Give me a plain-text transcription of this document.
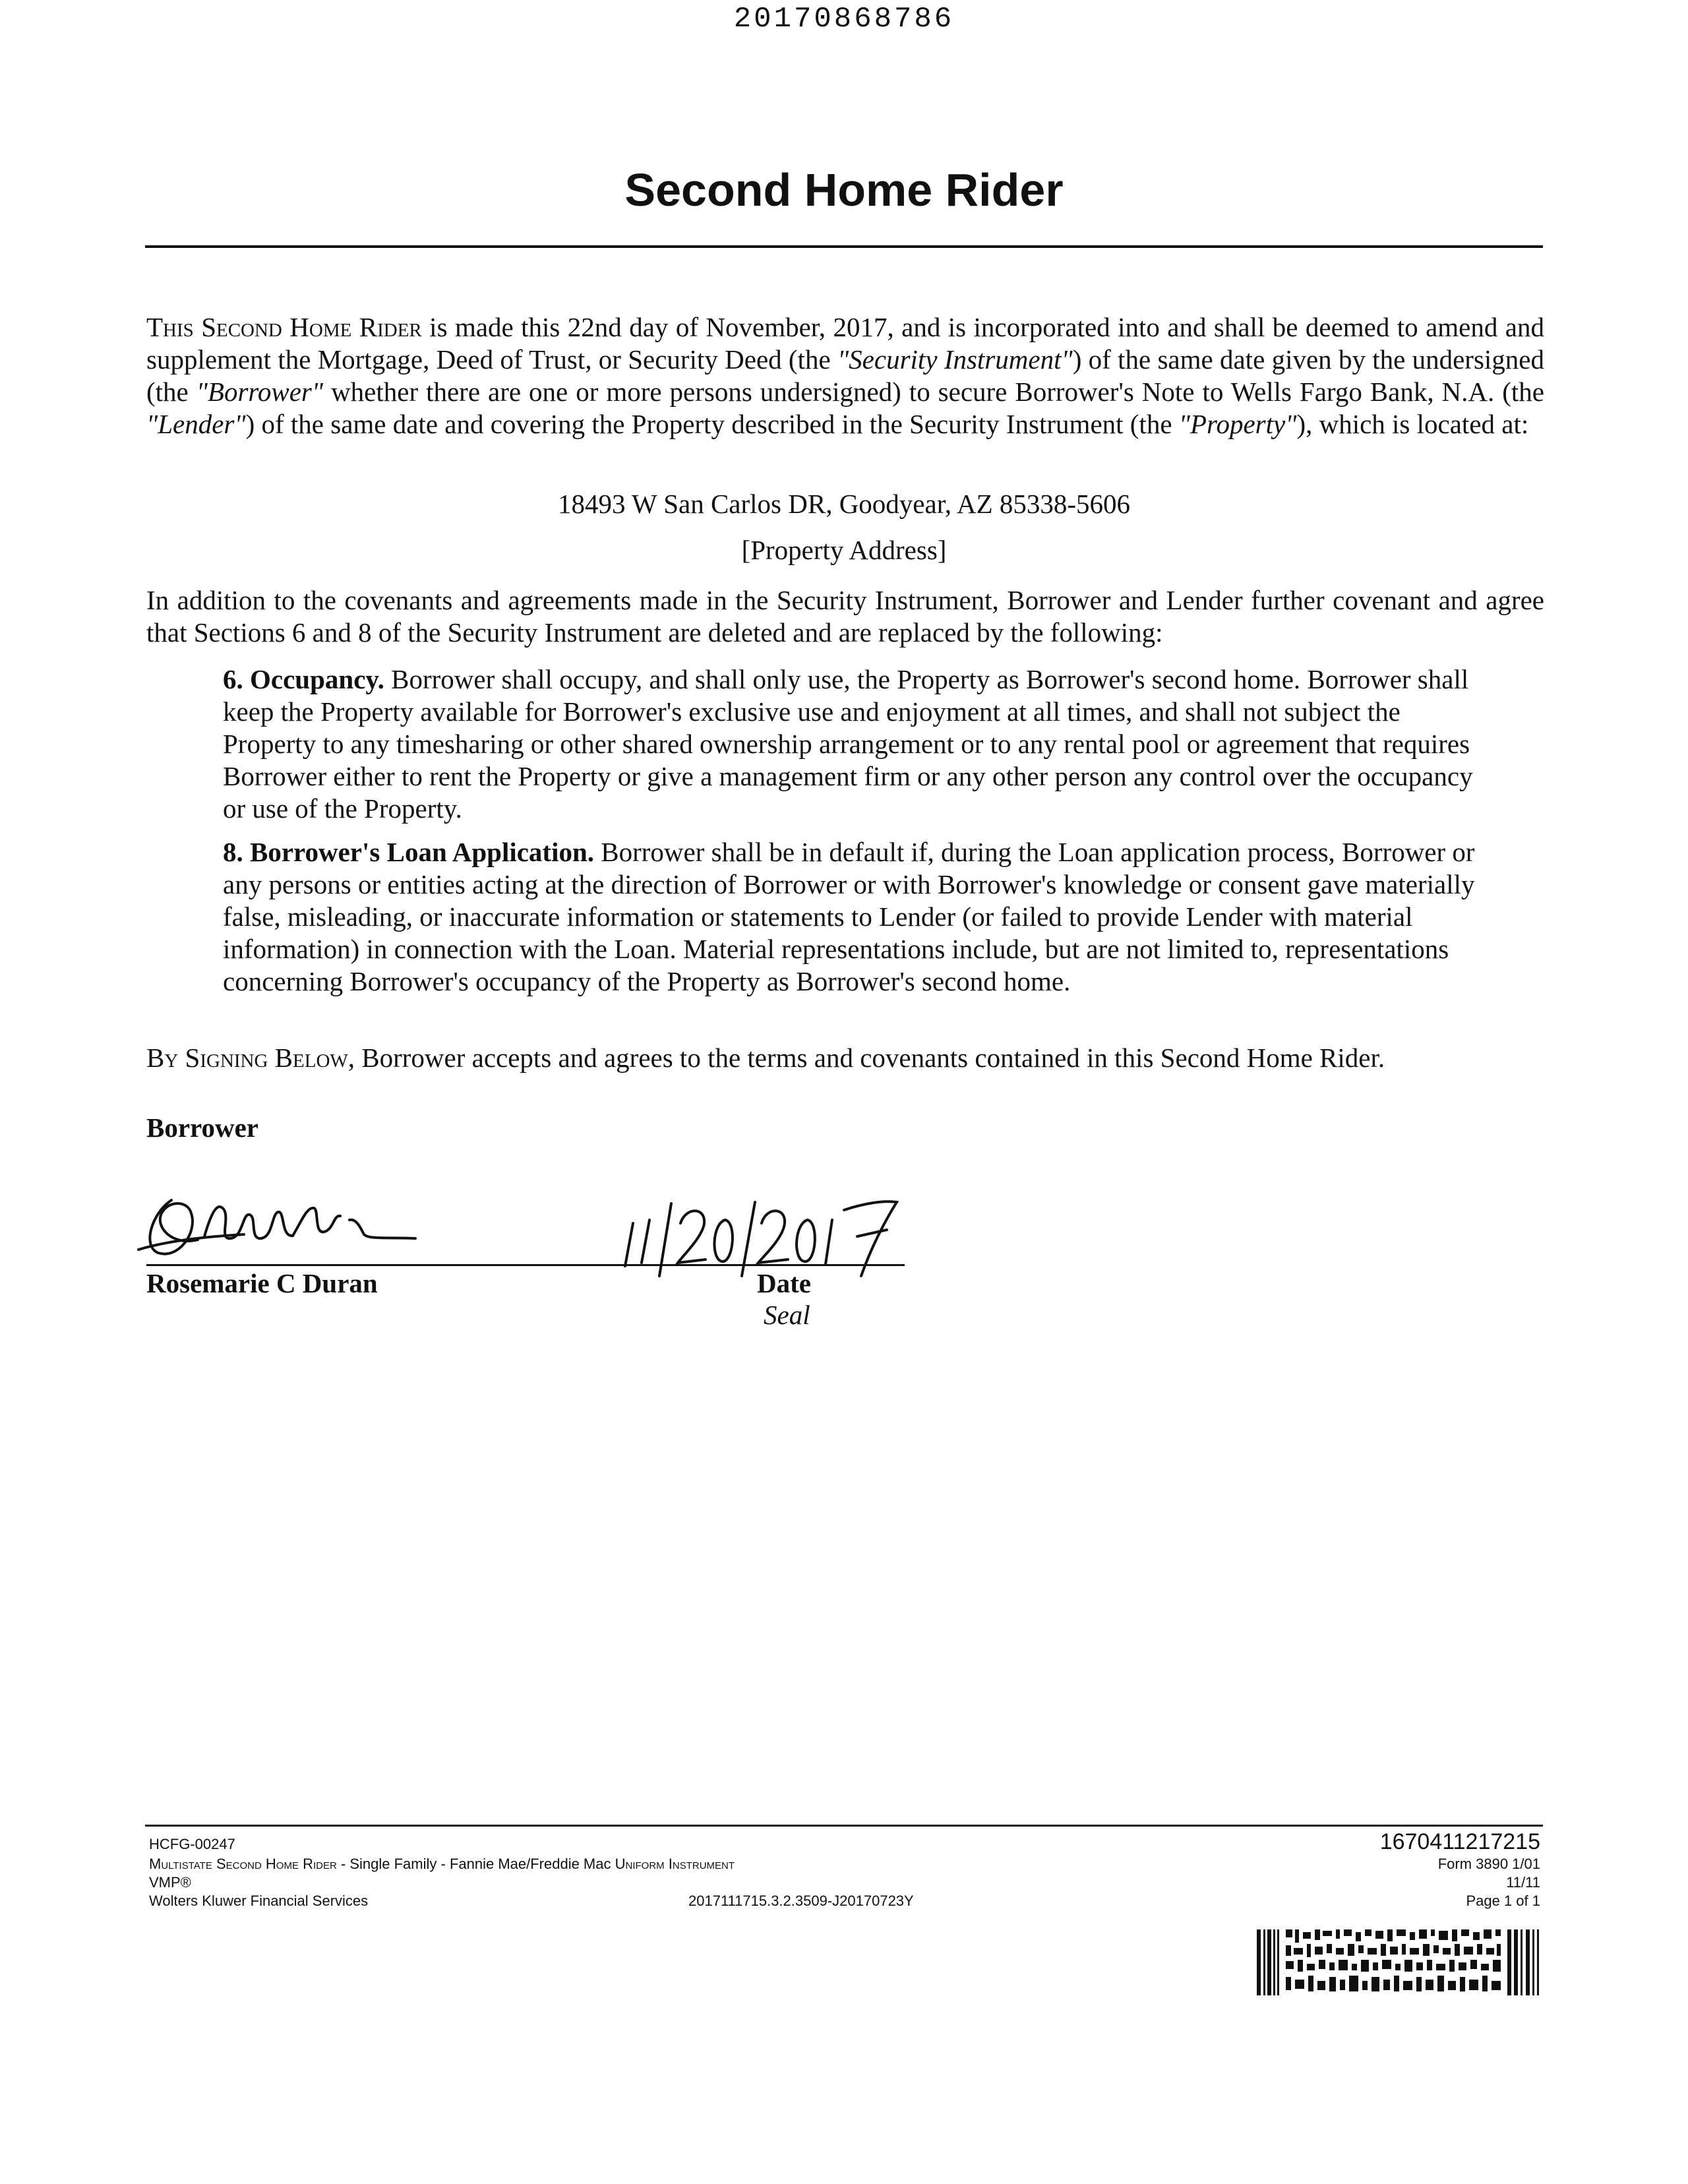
20170868786
Second Home Rider
This Second Home Rider is made this 22nd day of November, 2017, and is incorporated into and shall be deemed to amend and supplement the Mortgage, Deed of Trust, or Security Deed (the "Security Instrument") of the same date given by the undersigned (the "Borrower" whether there are one or more persons undersigned) to secure Borrower's Note to Wells Fargo Bank, N.A. (the "Lender") of the same date and covering the Property described in the Security Instrument (the "Property"), which is located at:
18493 W San Carlos DR, Goodyear, AZ 85338-5606
[Property Address]
In addition to the covenants and agreements made in the Security Instrument, Borrower and Lender further covenant and agree that Sections 6 and 8 of the Security Instrument are deleted and are replaced by the following:
6. Occupancy. Borrower shall occupy, and shall only use, the Property as Borrower's second home. Borrower shall keep the Property available for Borrower's exclusive use and enjoyment at all times, and shall not subject the Property to any timesharing or other shared ownership arrangement or to any rental pool or agreement that requires Borrower either to rent the Property or give a management firm or any other person any control over the occupancy or use of the Property.
8. Borrower's Loan Application. Borrower shall be in default if, during the Loan application process, Borrower or any persons or entities acting at the direction of Borrower or with Borrower's knowledge or consent gave materially false, misleading, or inaccurate information or statements to Lender (or failed to provide Lender with material information) in connection with the Loan. Material representations include, but are not limited to, representations concerning Borrower's occupancy of the Property as Borrower's second home.
By Signing Below, Borrower accepts and agrees to the terms and covenants contained in this Second Home Rider.
Borrower
Rosemarie C Duran	Date
Seal
HCFG-00247
Multistate Second Home Rider - Single Family - Fannie Mae/Freddie Mac Uniform Instrument
VMP®
Wolters Kluwer Financial Services	2017111715.3.2.3509-J20170723Y
1670411217215
Form 3890 1/01
11/11
Page 1 of 1
